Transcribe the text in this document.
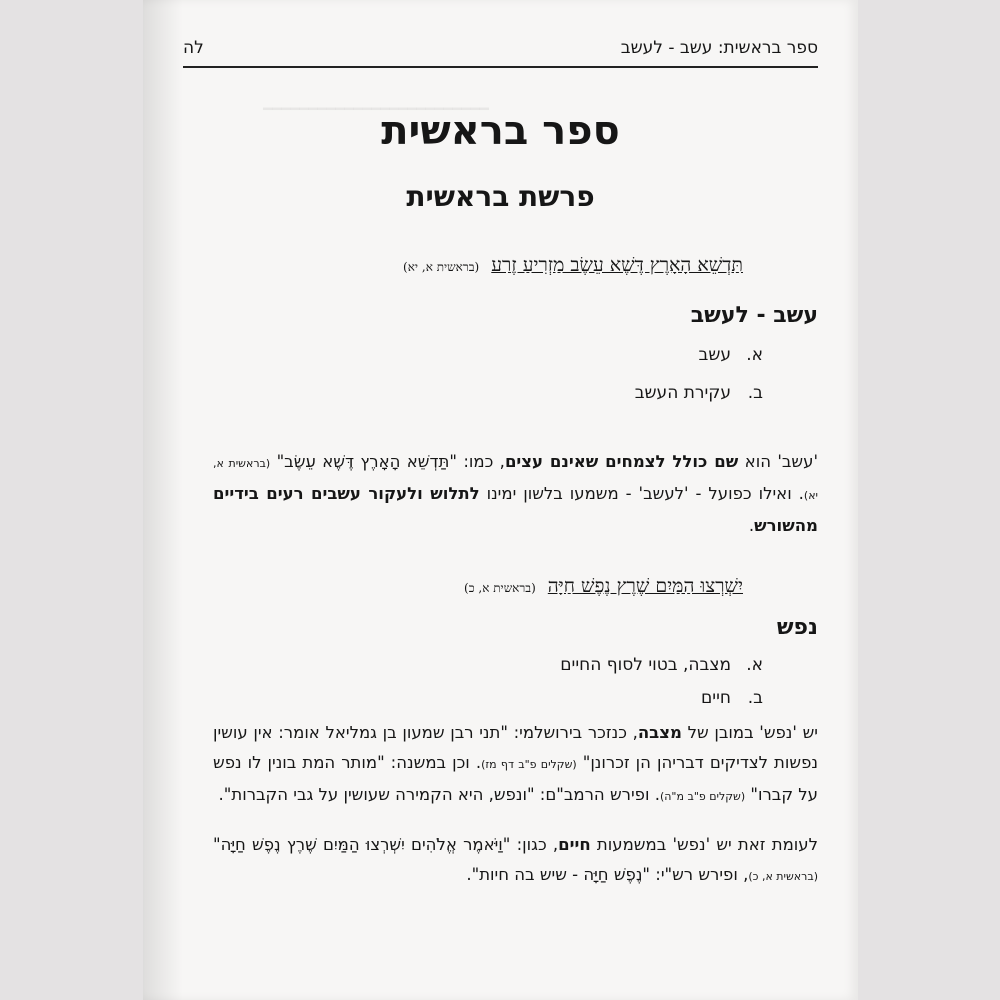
━━━━━━━━━━━━━━━━━━━━━━━━━
ספר בראשית: עשב - לעשב
לה
ספר בראשית
פרשת בראשית
תַּדְשֵׁא הָאָרֶץ דֶּשֶׁא עֵשֶׂב מַזְרִיעַ זֶרַע (בראשית א, יא)
עשב - לעשב
א.עשב
ב.עקירת העשב
'עשב' הוא שם כולל לצמחים שאינם עצים, כמו: "תַּדְשֵׁא הָאָרֶץ דֶּשֶׁא עֵשֶׂב" (בראשית א, יא). ואילו כפועל - 'לעשב' - משמעו בלשון ימינו לתלוש ולעקור עשבים רעים בידיים מהשורש.
יִשְׁרְצוּ הַמַּיִם שֶׁרֶץ נֶפֶשׁ חַיָּה (בראשית א, כ)
נפש
א.מצבה, בטוי לסוף החיים
ב.חיים
יש 'נפש' במובן של מצבה, כנזכר בירושלמי: "תני רבן שמעון בן גמליאל אומר: אין עושין נפשות לצדיקים דבריהן הן זכרונן" (שקלים פ"ב דף מז). וכן במשנה: "מותר המת בונין לו נפש על קברו" (שקלים פ"ב מ"ה). ופירש הרמב"ם: "ונפש, היא הקמירה שעושין על גבי הקברות".
לעומת זאת יש 'נפש' במשמעות חיים, כגון: "וַיֹּאמֶר אֱלֹהִים יִשְׁרְצוּ הַמַּיִם שֶׁרֶץ נֶפֶשׁ חַיָּה" (בראשית א, כ), ופירש רש"י: "נֶפֶשׁ חַיָּה - שיש בה חיות".
